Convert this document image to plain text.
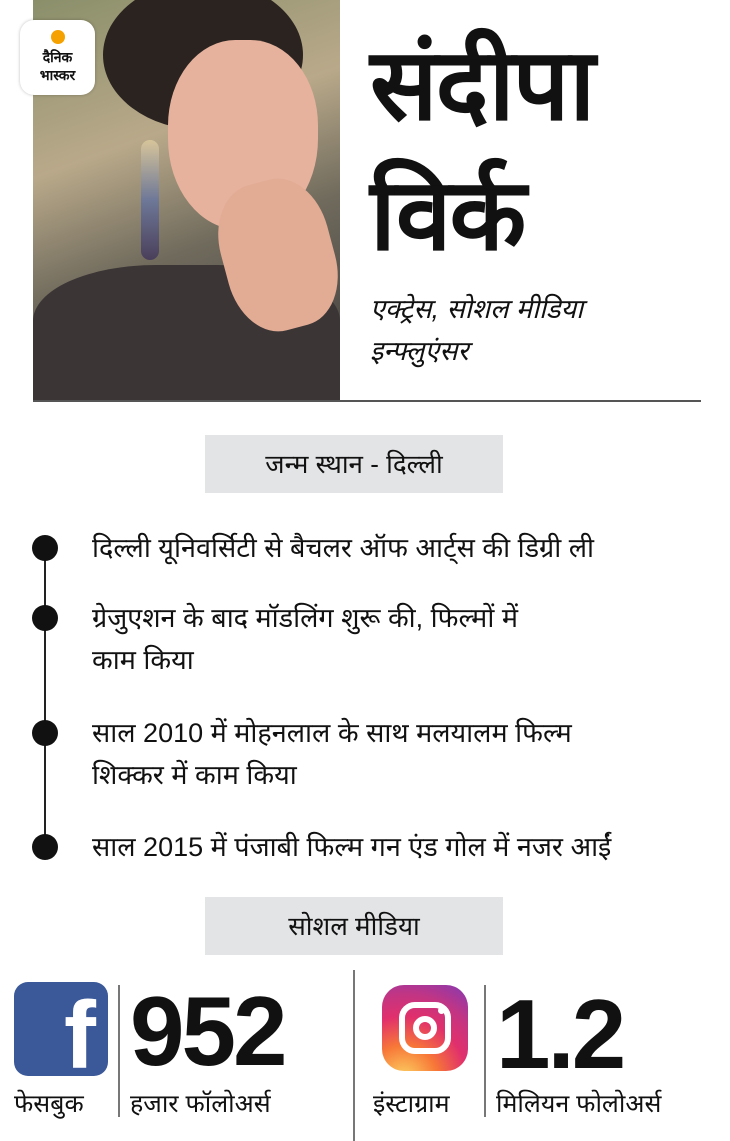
दैनिक
भास्कर	संदीपा
विर्क
एक्ट्रेस, सोशल मीडिया
इन्फ्लुएंसर
जन्म स्थान - दिल्ली
दिल्ली यूनिवर्सिटी से बैचलर ऑफ आर्ट्स की डिग्री ली
ग्रेजुएशन के बाद मॉडलिंग शुरू की, फिल्मों में
काम किया
साल 2010 में मोहनलाल के साथ मलयालम फिल्म
शिक्कर में काम किया
साल 2015 में पंजाबी फिल्म गन एंड गोल में नजर आईं
सोशल मीडिया
f 952
फेसबुक हजार फॉलोअर्स
1.2
इंस्टाग्राम मिलियन फोलोअर्स
